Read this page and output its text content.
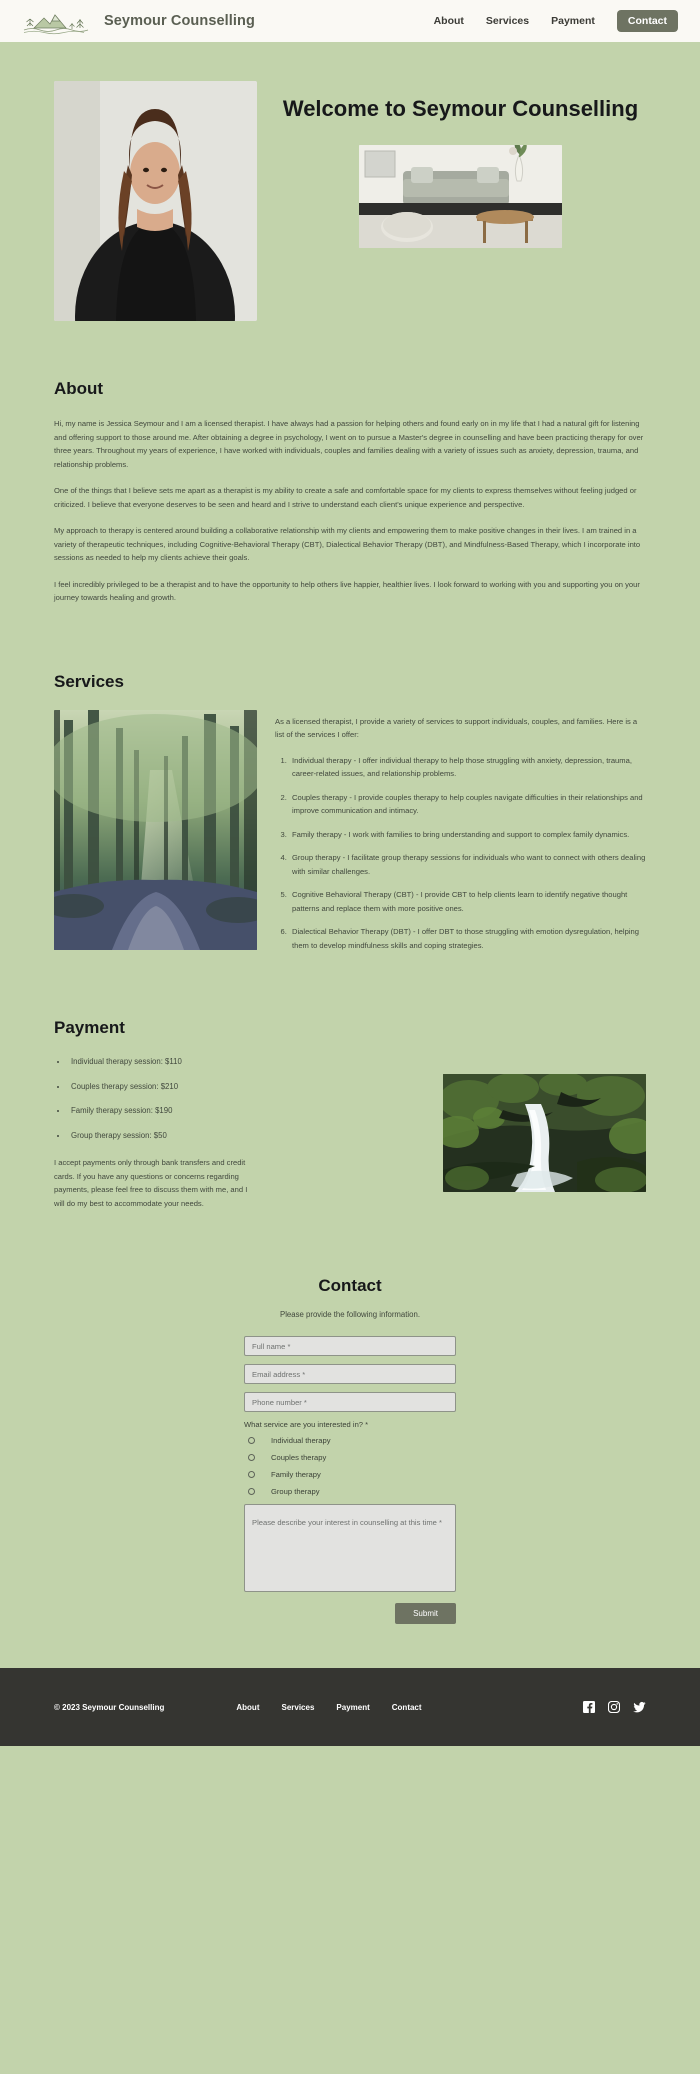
Seymour Counselling	About Services Payment	Contact
Welcome to Seymour Counselling
About

Hi, my name is Jessica Seymour and I am a licensed therapist. I have always had a passion for helping others and found early on in my life that I had a natural gift for listening and offering support to those around me. After obtaining a degree in psychology, I went on to pursue a Master's degree in counselling and have been practicing therapy for over three years. Throughout my years of experience, I have worked with individuals, couples and families dealing with a variety of issues such as anxiety, depression, trauma, and relationship problems.

One of the things that I believe sets me apart as a therapist is my ability to create a safe and comfortable space for my clients to express themselves without feeling judged or criticized. I believe that everyone deserves to be seen and heard and I strive to understand each client's unique experience and perspective.

My approach to therapy is centered around building a collaborative relationship with my clients and empowering them to make positive changes in their lives. I am trained in a variety of therapeutic techniques, including Cognitive-Behavioral Therapy (CBT), Dialectical Behavior Therapy (DBT), and Mindfulness-Based Therapy, which I incorporate into sessions as needed to help my clients achieve their goals.

I feel incredibly privileged to be a therapist and to have the opportunity to help others live happier, healthier lives. I look forward to working with you and supporting you on your journey towards healing and growth.

Services

As a licensed therapist, I provide a variety of services to support individuals, couples, and families. Here is a list of the services I offer:

1. Individual therapy - I offer individual therapy to help those struggling with anxiety, depression, trauma, career-related issues, and relationship problems.
2. Couples therapy - I provide couples therapy to help couples navigate difficulties in their relationships and improve communication and intimacy.
3. Family therapy - I work with families to bring understanding and support to complex family dynamics.
4. Group therapy - I facilitate group therapy sessions for individuals who want to connect with others dealing with similar challenges.
5. Cognitive Behavioral Therapy (CBT) - I provide CBT to help clients learn to identify negative thought patterns and replace them with more positive ones.
6. Dialectical Behavior Therapy (DBT) - I offer DBT to those struggling with emotion dysregulation, helping them to develop mindfulness skills and coping strategies.
Payment
• Individual therapy session: $110
• Couples therapy session: $210
• Family therapy session: $190
• Group therapy session: $50

I accept payments only through bank transfers and credit cards. If you have any questions or concerns regarding payments, please feel free to discuss them with me, and I will do my best to accommodate your needs.

Contact

Please provide the following information.

Full name *
Email address *
Phone number *
What service are you interested in? *
Individual therapy
Couples therapy
Family therapy
Group therapy
Please describe your interest in counselling at this time *
Submit
© 2023 Seymour Counselling	About	Services	Payment	Contact
